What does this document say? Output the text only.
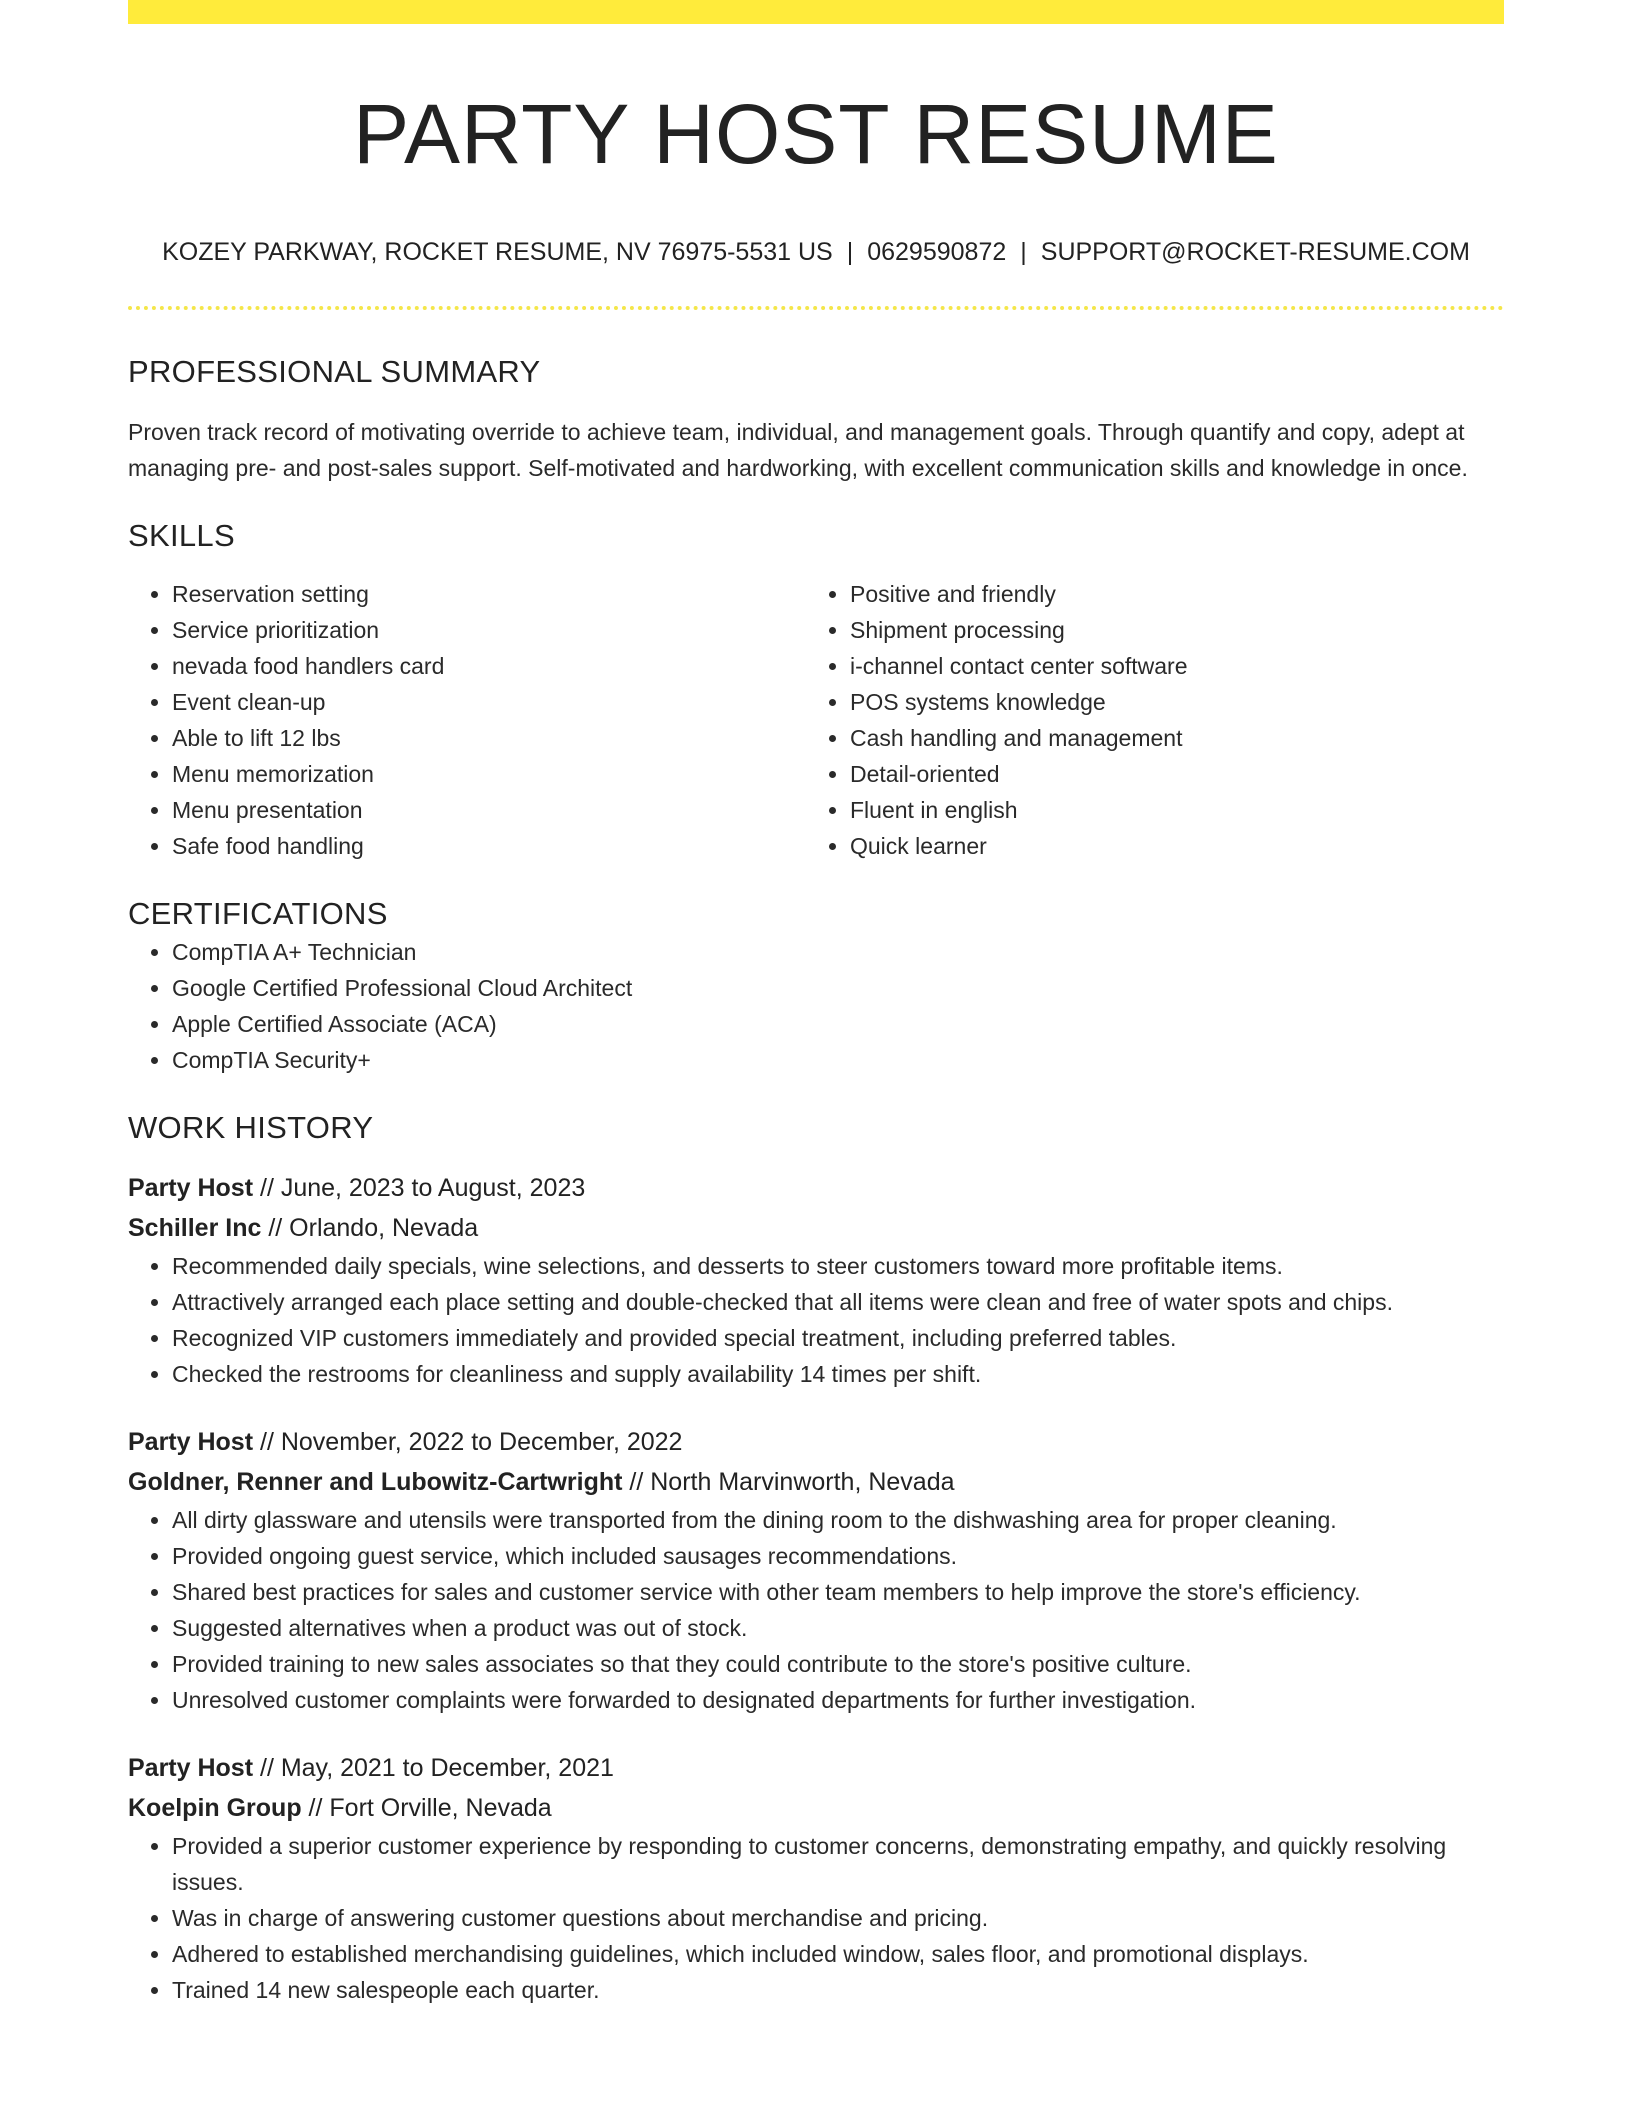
PARTY HOST RESUME
KOZEY PARKWAY, ROCKET RESUME, NV 76975-5531 US | 0629590872 | SUPPORT@ROCKET-RESUME.COM
PROFESSIONAL SUMMARY
Proven track record of motivating override to achieve team, individual, and management goals. Through quantify and copy, adept at managing pre- and post-sales support. Self-motivated and hardworking, with excellent communication skills and knowledge in once.
SKILLS
• Reservation setting
• Service prioritization
• nevada food handlers card
• Event clean-up
• Able to lift 12 lbs
• Menu memorization
• Menu presentation
• Safe food handling
• Positive and friendly
• Shipment processing
• i-channel contact center software
• POS systems knowledge
• Cash handling and management
• Detail-oriented
• Fluent in english
• Quick learner
CERTIFICATIONS
• CompTIA A+ Technician
• Google Certified Professional Cloud Architect
• Apple Certified Associate (ACA)
• CompTIA Security+
WORK HISTORY
Party Host // June, 2023 to August, 2023
Schiller Inc // Orlando, Nevada
• Recommended daily specials, wine selections, and desserts to steer customers toward more profitable items.
• Attractively arranged each place setting and double-checked that all items were clean and free of water spots and chips.
• Recognized VIP customers immediately and provided special treatment, including preferred tables.
• Checked the restrooms for cleanliness and supply availability 14 times per shift.
Party Host // November, 2022 to December, 2022
Goldner, Renner and Lubowitz-Cartwright // North Marvinworth, Nevada
• All dirty glassware and utensils were transported from the dining room to the dishwashing area for proper cleaning.
• Provided ongoing guest service, which included sausages recommendations.
• Shared best practices for sales and customer service with other team members to help improve the store's efficiency.
• Suggested alternatives when a product was out of stock.
• Provided training to new sales associates so that they could contribute to the store's positive culture.
• Unresolved customer complaints were forwarded to designated departments for further investigation.
Party Host // May, 2021 to December, 2021
Koelpin Group // Fort Orville, Nevada
• Provided a superior customer experience by responding to customer concerns, demonstrating empathy, and quickly resolving issues.
• Was in charge of answering customer questions about merchandise and pricing.
• Adhered to established merchandising guidelines, which included window, sales floor, and promotional displays.
• Trained 14 new salespeople each quarter.
